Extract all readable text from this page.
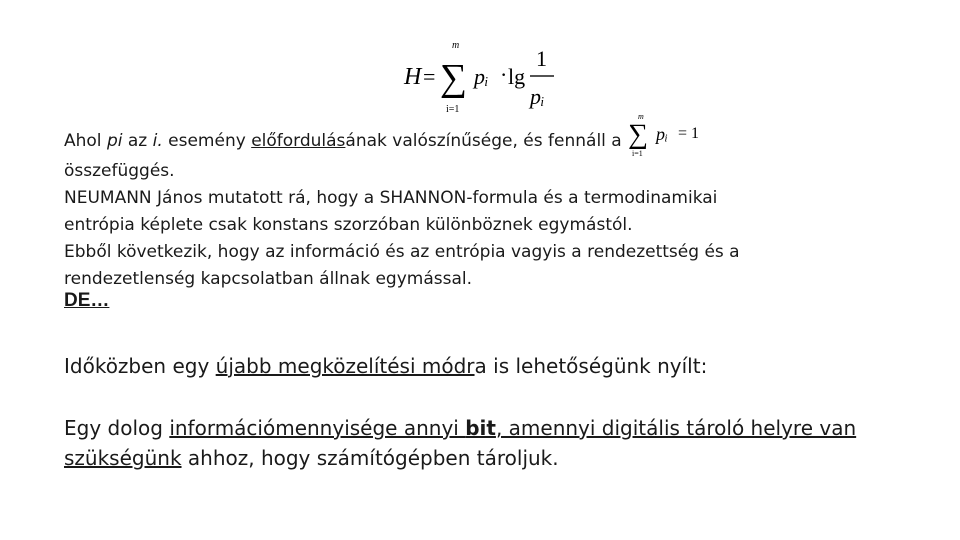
H =
m
∑
i=1
pᵢ · lg
1
pᵢ
Ahol pi az i. esemény előfordulásának valószínűsége, és fennáll a
m
∑
i=1
pᵢ = 1
összefüggés.
NEUMANN János mutatott rá, hogy a SHANNON-formula és a termodinamikai
entrópia képlete csak konstans szorzóban különböznek egymástól.
Ebből következik, hogy az információ és az entrópia vagyis a rendezettség és a
rendezetlenség kapcsolatban állnak egymással.
DE…
Időközben egy újabb megközelítési módra is lehetőségünk nyílt:
Egy dolog információmennyisége annyi bit, amennyi digitális tároló helyre van
szükségünk ahhoz, hogy számítógépben tároljuk.
